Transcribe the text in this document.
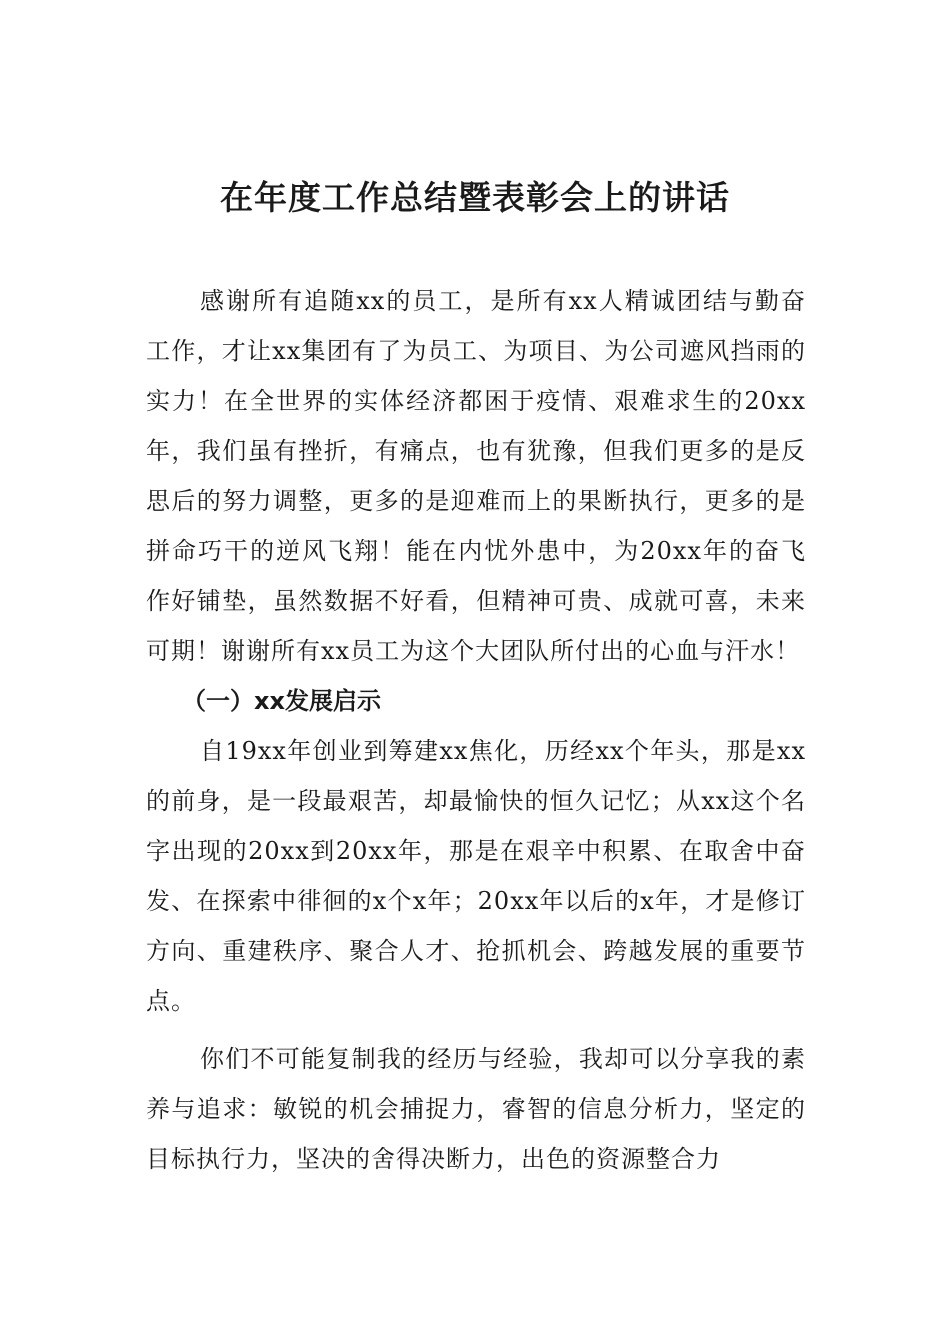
在年度工作总结暨表彰会上的讲话

感谢所有追随xx的员工，是所有xx人精诚团结与勤奋工作，才让xx集团有了为员工、为项目、为公司遮风挡雨的实力！在全世界的实体经济都困于疫情、艰难求生的20xx年，我们虽有挫折，有痛点，也有犹豫，但我们更多的是反思后的努力调整，更多的是迎难而上的果断执行，更多的是拼命巧干的逆风飞翔！能在内忧外患中，为20xx年的奋飞作好铺垫，虽然数据不好看，但精神可贵、成就可喜，未来可期！谢谢所有xx员工为这个大团队所付出的心血与汗水！

（一）xx发展启示

自19xx年创业到筹建xx焦化，历经xx个年头，那是xx的前身，是一段最艰苦，却最愉快的恒久记忆；从xx这个名字出现的20xx到20xx年，那是在艰辛中积累、在取舍中奋发、在探索中徘徊的x个x年；20xx年以后的x年，才是修订方向、重建秩序、聚合人才、抢抓机会、跨越发展的重要节点。

你们不可能复制我的经历与经验，我却可以分享我的素养与追求：敏锐的机会捕捉力，睿智的信息分析力，坚定的目标执行力，坚决的舍得决断力，出色的资源整合力
